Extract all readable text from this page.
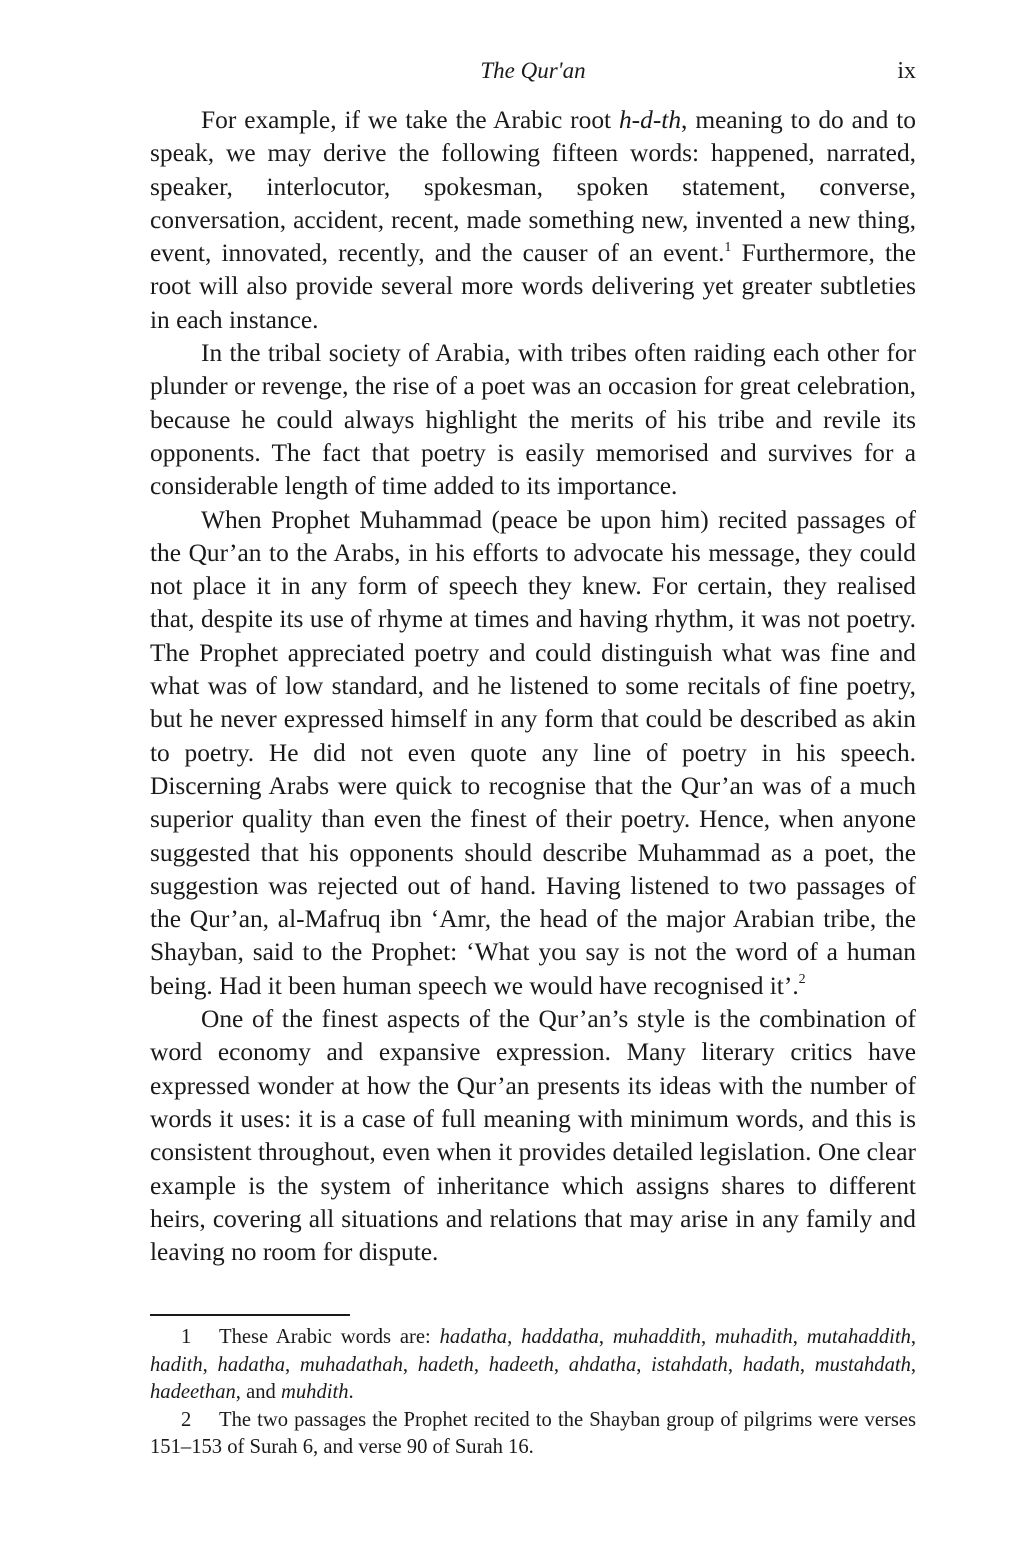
The Qur'an	ix

For example, if we take the Arabic root h-d-th, meaning to do and to speak, we may derive the following fifteen words: happened, narrated, speaker, interlocutor, spokesman, spoken statement, converse, conversation, accident, recent, made something new, invented a new thing, event, innovated, recently, and the causer of an event.$^1$ Furthermore, the root will also provide several more words delivering yet greater subtleties in each instance.

In the tribal society of Arabia, with tribes often raiding each other for plunder or revenge, the rise of a poet was an occasion for great celebration, because he could always highlight the merits of his tribe and revile its opponents. The fact that poetry is easily memorised and survives for a considerable length of time added to its importance.

When Prophet Muhammad (peace be upon him) recited passages of the Qur’an to the Arabs, in his efforts to advocate his message, they could not place it in any form of speech they knew. For certain, they realised that, despite its use of rhyme at times and having rhythm, it was not poetry. The Prophet appreciated poetry and could distinguish what was fine and what was of low standard, and he listened to some recitals of fine poetry, but he never expressed himself in any form that could be described as akin to poetry. He did not even quote any line of poetry in his speech. Discerning Arabs were quick to recognise that the Qur’an was of a much superior quality than even the finest of their poetry. Hence, when anyone suggested that his opponents should describe Muhammad as a poet, the suggestion was rejected out of hand. Having listened to two passages of the Qur’an, al-Mafruq ibn ‘Amr, the head of the major Arabian tribe, the Shayban, said to the Prophet: ‘What you say is not the word of a human being. Had it been human speech we would have recognised it’.$^2$

One of the finest aspects of the Qur’an’s style is the combination of word economy and expansive expression. Many literary critics have expressed wonder at how the Qur’an presents its ideas with the number of words it uses: it is a case of full meaning with minimum words, and this is consistent throughout, even when it provides detailed legislation. One clear example is the system of inheritance which assigns shares to different heirs, covering all situations and relations that may arise in any family and leaving no room for dispute.

1 These Arabic words are: hadatha, haddatha, muhaddith, muhadith, mutahaddith, hadith, hadatha, muhadathah, hadeth, hadeeth, ahdatha, istahdath, hadath, mustahdath, hadeethan, and muhdith.

2 The two passages the Prophet recited to the Shayban group of pilgrims were verses 151–153 of Surah 6, and verse 90 of Surah 16.
